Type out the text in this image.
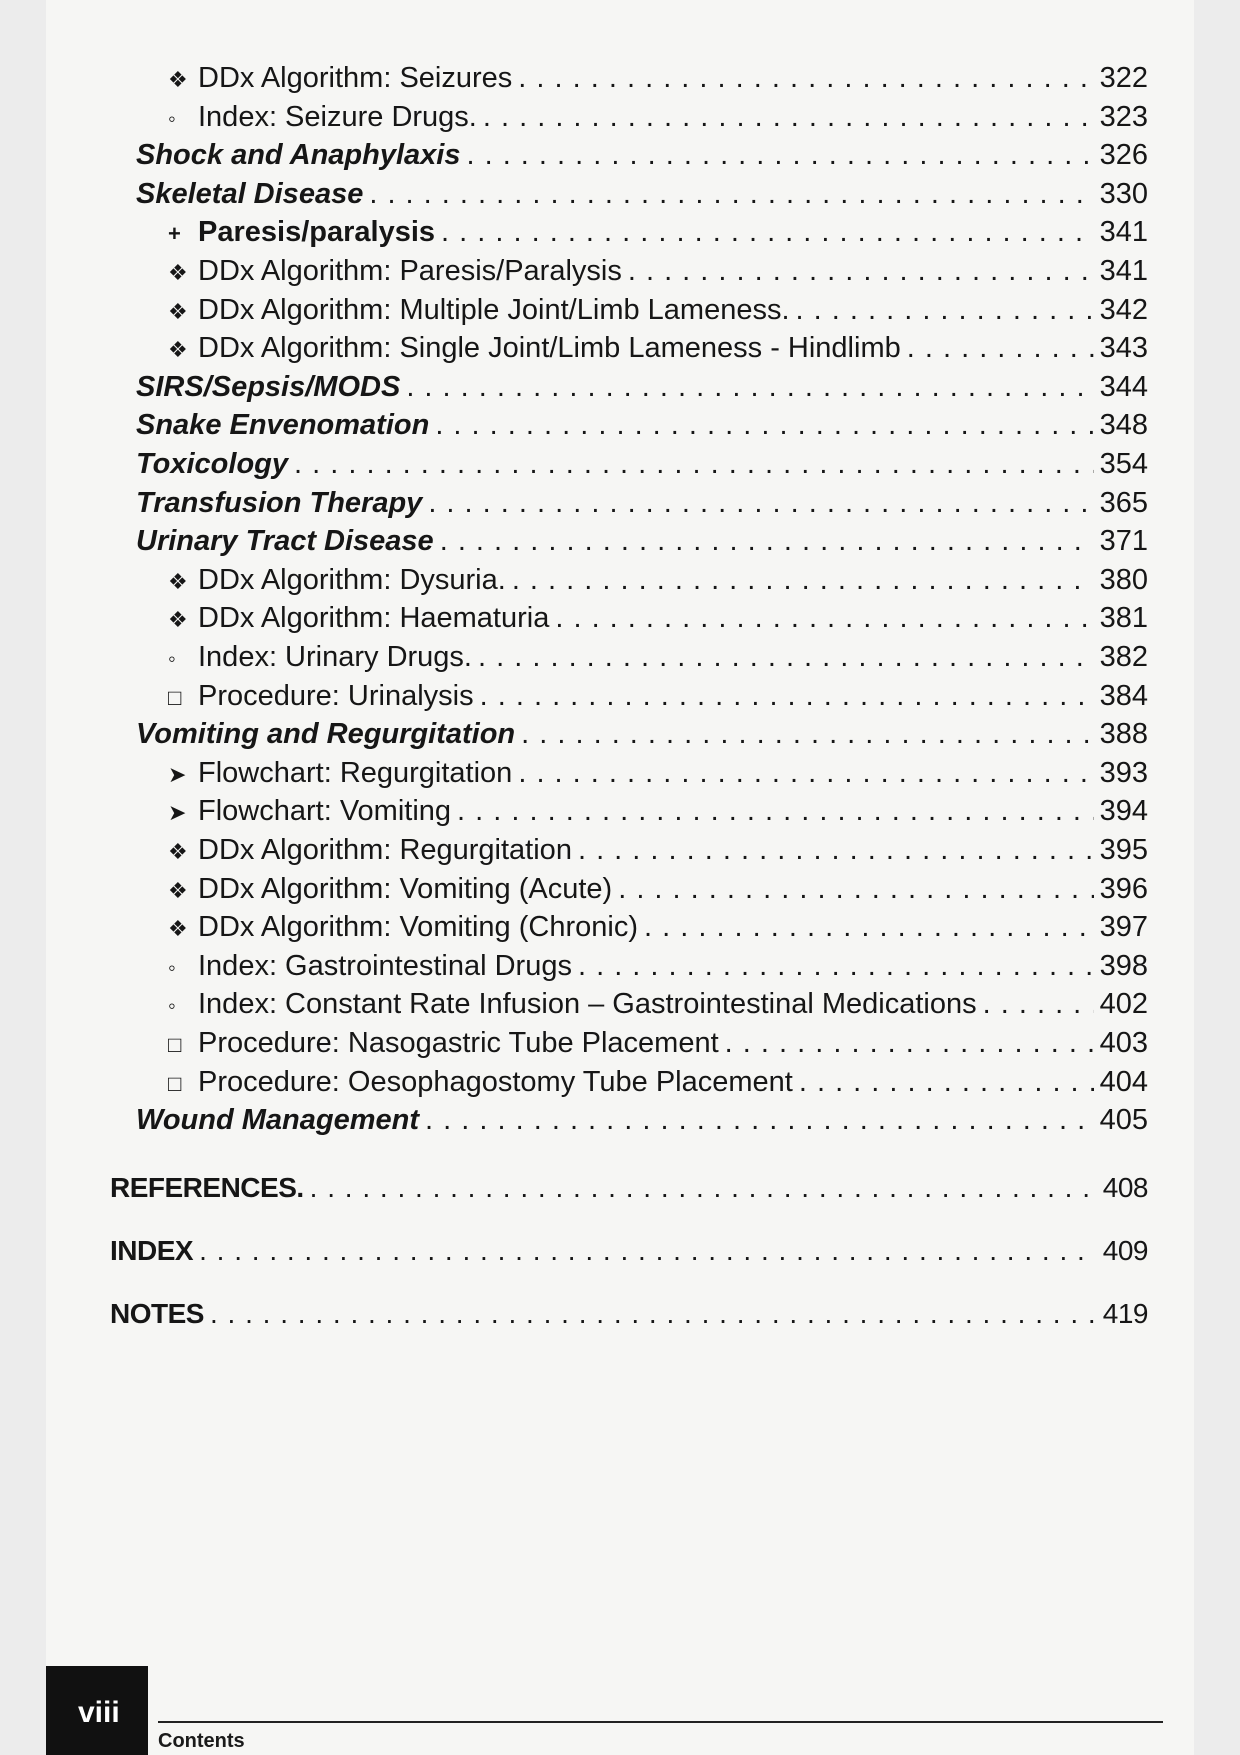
❖ DDx Algorithm: Seizures . . .	322
◦ Index: Seizure Drugs. . . .	323
Shock and Anaphylaxis . . .	326
Skeletal Disease . . .	330
+ Paresis/paralysis . . .	341
❖ DDx Algorithm: Paresis/Paralysis . . .	341
❖ DDx Algorithm: Multiple Joint/Limb Lameness. . . .	342
❖ DDx Algorithm: Single Joint/Limb Lameness - Hindlimb . . .	343
SIRS/Sepsis/MODS . . .	344
Snake Envenomation . . .	348
Toxicology . . .	354
Transfusion Therapy . . .	365
Urinary Tract Disease . . .	371
❖ DDx Algorithm: Dysuria. . . .	380
❖ DDx Algorithm: Haematuria . . .	381
◦ Index: Urinary Drugs. . . .	382
□ Procedure: Urinalysis . . .	384
Vomiting and Regurgitation . . .	388
➤ Flowchart: Regurgitation . . .	393
➤ Flowchart: Vomiting . . .	394
❖ DDx Algorithm: Regurgitation . . .	395
❖ DDx Algorithm: Vomiting (Acute) . . .	396
❖ DDx Algorithm: Vomiting (Chronic) . . .	397
◦ Index: Gastrointestinal Drugs . . .	398
◦ Index: Constant Rate Infusion – Gastrointestinal Medications . . .	402
□ Procedure: Nasogastric Tube Placement . . .	403
□ Procedure: Oesophagostomy Tube Placement . . .	404
Wound Management . . .	405
REFERENCES. . . .	408
INDEX . . .	409
NOTES . . .	419
viii
Contents
